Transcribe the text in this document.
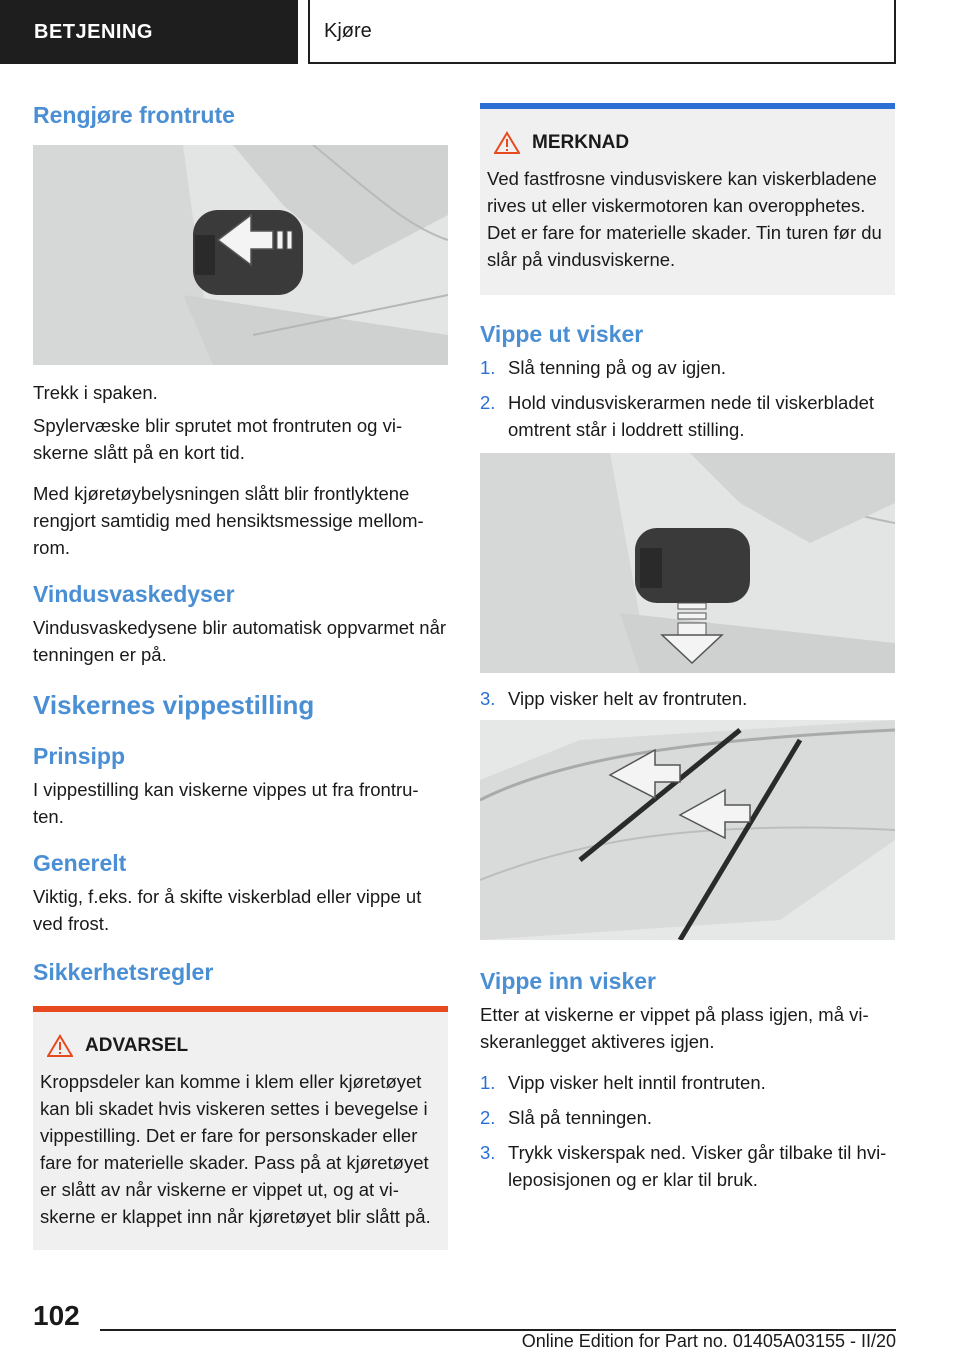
BETJENING	Kjøre
Rengjøre frontrute

Trekk i spaken.

Spylervæske blir sprutet mot frontruten og vi‐ skerne slått på en kort tid.

Med kjøretøybelysningen slått blir frontlyktene rengjort samtidig med hensiktsmessige mellom‐ rom.

Vindusvaskedyser

Vindusvaskedysene blir automatisk oppvarmet når tenningen er på.

Viskernes vippestilling
Prinsipp

I vippestilling kan viskerne vippes ut fra frontru‐ ten.

Generelt

Viktig, f.eks. for å skifte viskerblad eller vippe ut ved frost.

Sikkerhetsregler
ADVARSEL

Kroppsdeler kan komme i klem eller kjøretøyet kan bli skadet hvis viskeren settes i bevegelse i vippestilling. Det er fare for personskader eller fare for materielle skader. Pass på at kjøretøyet er slått av når viskerne er vippet ut, og at vi‐ skerne er klappet inn når kjøretøyet blir slått på.

MERKNAD

Ved fastfrosne vindusviskere kan viskerbladene rives ut eller viskermotoren kan overopphetes. Det er fare for materielle skader. Tin turen før du slår på vindusviskerne.

Vippe ut visker
1. Slå tenning på og av igjen.
2. Hold vindusviskerarmen nede til viskerbladet omtrent står i loddrett stilling.
3. Vipp visker helt av frontruten.
Vippe inn visker

Etter at viskerne er vippet på plass igjen, må vi‐ skeranlegget aktiveres igjen.

1. Vipp visker helt inntil frontruten.
2. Slå på tenningen.
3. Trykk viskerspak ned. Visker går tilbake til hvi‐ leposisjonen og er klar til bruk.
102
Online Edition for Part no. 01405A03155 - II/20
